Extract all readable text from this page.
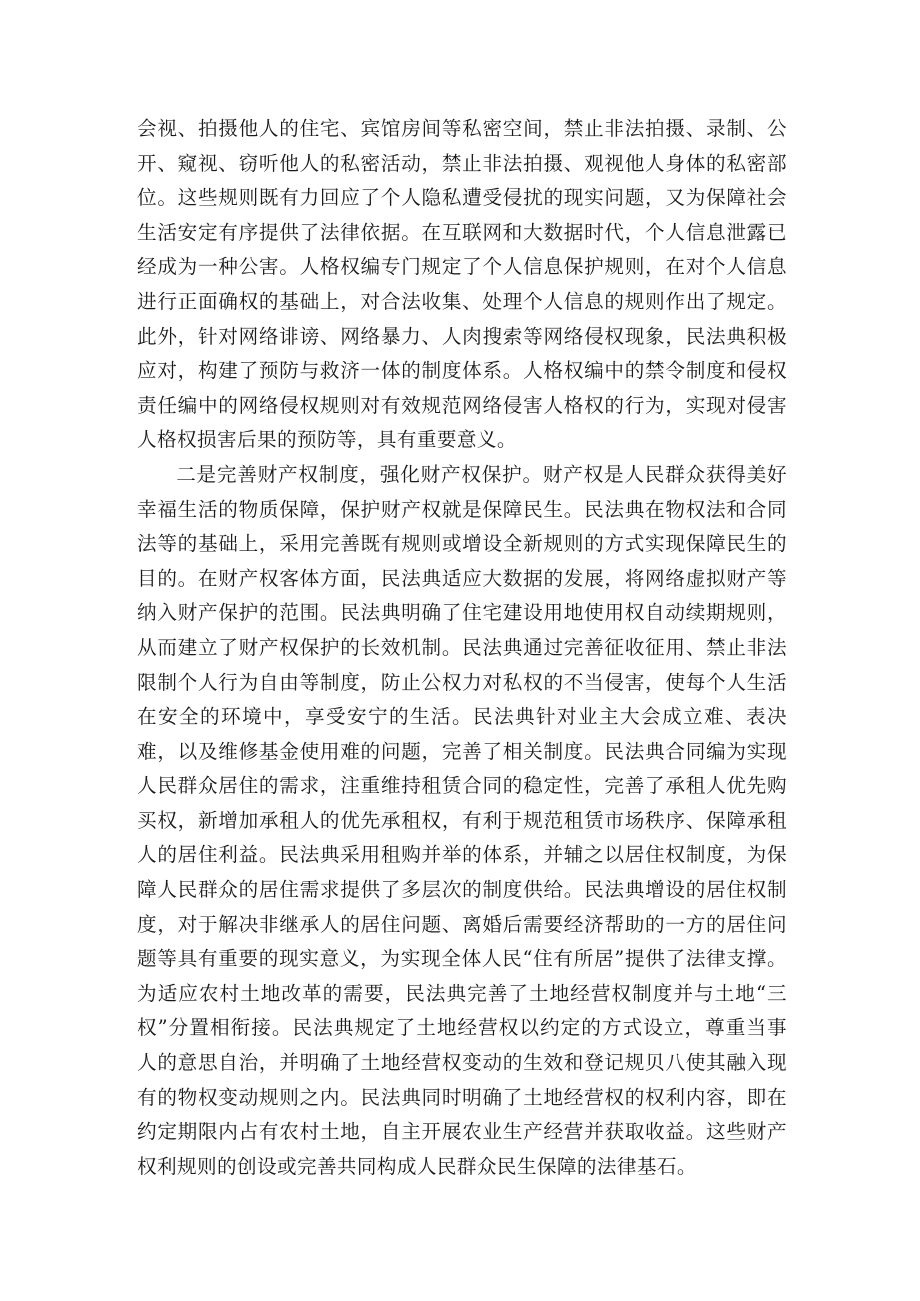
会视、拍摄他人的住宅、宾馆房间等私密空间，禁止非法拍摄、录制、公开、窥视、窃听他人的私密活动，禁止非法拍摄、观视他人身体的私密部位。这些规则既有力回应了个人隐私遭受侵扰的现实问题，又为保障社会生活安定有序提供了法律依据。在互联网和大数据时代，个人信息泄露已经成为一种公害。人格权编专门规定了个人信息保护规则，在对个人信息进行正面确权的基础上，对合法收集、处理个人信息的规则作出了规定。此外，针对网络诽谤、网络暴力、人肉搜索等网络侵权现象，民法典积极应对，构建了预防与救济一体的制度体系。人格权编中的禁令制度和侵权责任编中的网络侵权规则对有效规范网络侵害人格权的行为，实现对侵害人格权损害后果的预防等，具有重要意义。

二是完善财产权制度，强化财产权保护。财产权是人民群众获得美好幸福生活的物质保障，保护财产权就是保障民生。民法典在物权法和合同法等的基础上，采用完善既有规则或增设全新规则的方式实现保障民生的目的。在财产权客体方面，民法典适应大数据的发展，将网络虚拟财产等纳入财产保护的范围。民法典明确了住宅建设用地使用权自动续期规则，从而建立了财产权保护的长效机制。民法典通过完善征收征用、禁止非法限制个人行为自由等制度，防止公权力对私权的不当侵害，使每个人生活在安全的环境中，享受安宁的生活。民法典针对业主大会成立难、表决难，以及维修基金使用难的问题，完善了相关制度。民法典合同编为实现人民群众居住的需求，注重维持租赁合同的稳定性，完善了承租人优先购买权，新增加承租人的优先承租权，有利于规范租赁市场秩序、保障承租人的居住利益。民法典采用租购并举的体系，并辅之以居住权制度，为保障人民群众的居住需求提供了多层次的制度供给。民法典增设的居住权制度，对于解决非继承人的居住问题、离婚后需要经济帮助的一方的居住问题等具有重要的现实意义，为实现全体人民“住有所居”提供了法律支撑。为适应农村土地改革的需要，民法典完善了土地经营权制度并与土地“三权”分置相衔接。民法典规定了土地经营权以约定的方式设立，尊重当事人的意思自治，并明确了土地经营权变动的生效和登记规贝八使其融入现有的物权变动规则之内。民法典同时明确了土地经营权的权利内容，即在约定期限内占有农村土地，自主开展农业生产经营并获取收益。这些财产权利规则的创设或完善共同构成人民群众民生保障的法律基石。
